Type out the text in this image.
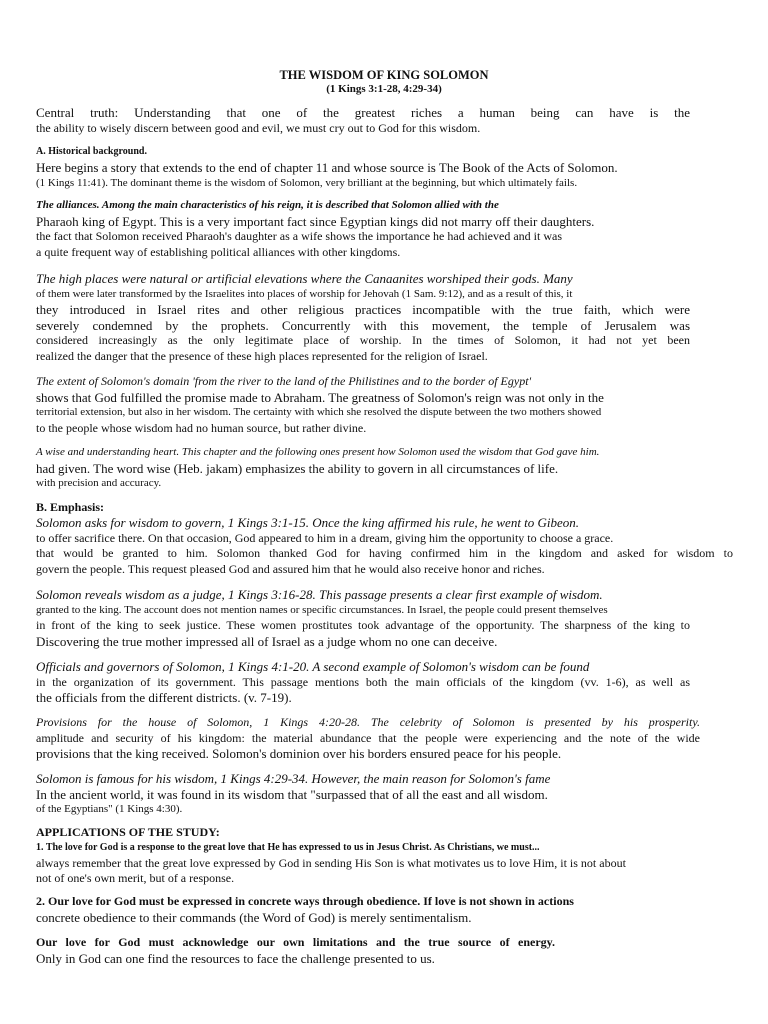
THE WISDOM OF KING SOLOMON

(1 Kings 3:1-28, 4:29-34)

Central truth: Understanding that one of the greatest riches a human being can have is the
the ability to wisely discern between good and evil, we must cry out to God for this wisdom.
A. Historical background.
Here begins a story that extends to the end of chapter 11 and whose source is The Book of the Acts of Solomon.
(1 Kings 11:41). The dominant theme is the wisdom of Solomon, very brilliant at the beginning, but which ultimately fails.
The alliances. Among the main characteristics of his reign, it is described that Solomon allied with the
Pharaoh king of Egypt. This is a very important fact since Egyptian kings did not marry off their daughters.
the fact that Solomon received Pharaoh's daughter as a wife shows the importance he had achieved and it was
a quite frequent way of establishing political alliances with other kingdoms.
The high places were natural or artificial elevations where the Canaanites worshiped their gods. Many
of them were later transformed by the Israelites into places of worship for Jehovah (1 Sam. 9:12), and as a result of this, it
they introduced in Israel rites and other religious practices incompatible with the true faith, which were
severely condemned by the prophets. Concurrently with this movement, the temple of Jerusalem was
considered increasingly as the only legitimate place of worship. In the times of Solomon, it had not yet been
realized the danger that the presence of these high places represented for the religion of Israel.
The extent of Solomon's domain 'from the river to the land of the Philistines and to the border of Egypt'
shows that God fulfilled the promise made to Abraham. The greatness of Solomon's reign was not only in the
territorial extension, but also in her wisdom. The certainty with which she resolved the dispute between the two mothers showed
to the people whose wisdom had no human source, but rather divine.
A wise and understanding heart. This chapter and the following ones present how Solomon used the wisdom that God gave him.
had given. The word wise (Heb. jakam) emphasizes the ability to govern in all circumstances of life.
with precision and accuracy.
B. Emphasis:
Solomon asks for wisdom to govern, 1 Kings 3:1-15. Once the king affirmed his rule, he went to Gibeon.
to offer sacrifice there. On that occasion, God appeared to him in a dream, giving him the opportunity to choose a grace.
that would be granted to him. Solomon thanked God for having confirmed him in the kingdom and asked for wisdom to
govern the people. This request pleased God and assured him that he would also receive honor and riches.
Solomon reveals wisdom as a judge, 1 Kings 3:16-28. This passage presents a clear first example of wisdom.
granted to the king. The account does not mention names or specific circumstances. In Israel, the people could present themselves
in front of the king to seek justice. These women prostitutes took advantage of the opportunity. The sharpness of the king to
Discovering the true mother impressed all of Israel as a judge whom no one can deceive.
Officials and governors of Solomon, 1 Kings 4:1-20. A second example of Solomon's wisdom can be found
in the organization of its government. This passage mentions both the main officials of the kingdom (vv. 1-6), as well as
the officials from the different districts. (v. 7-19).
Provisions for the house of Solomon, 1 Kings 4:20-28. The celebrity of Solomon is presented by his prosperity.
amplitude and security of his kingdom: the material abundance that the people were experiencing and the note of the wide
provisions that the king received. Solomon's dominion over his borders ensured peace for his people.
Solomon is famous for his wisdom, 1 Kings 4:29-34. However, the main reason for Solomon's fame
In the ancient world, it was found in its wisdom that "surpassed that of all the east and all wisdom.
of the Egyptians" (1 Kings 4:30).
APPLICATIONS OF THE STUDY:
1. The love for God is a response to the great love that He has expressed to us in Jesus Christ. As Christians, we must...
always remember that the great love expressed by God in sending His Son is what motivates us to love Him, it is not about
not of one's own merit, but of a response.
2. Our love for God must be expressed in concrete ways through obedience. If love is not shown in actions
concrete obedience to their commands (the Word of God) is merely sentimentalism.
Our love for God must acknowledge our own limitations and the true source of energy.
Only in God can one find the resources to face the challenge presented to us.
